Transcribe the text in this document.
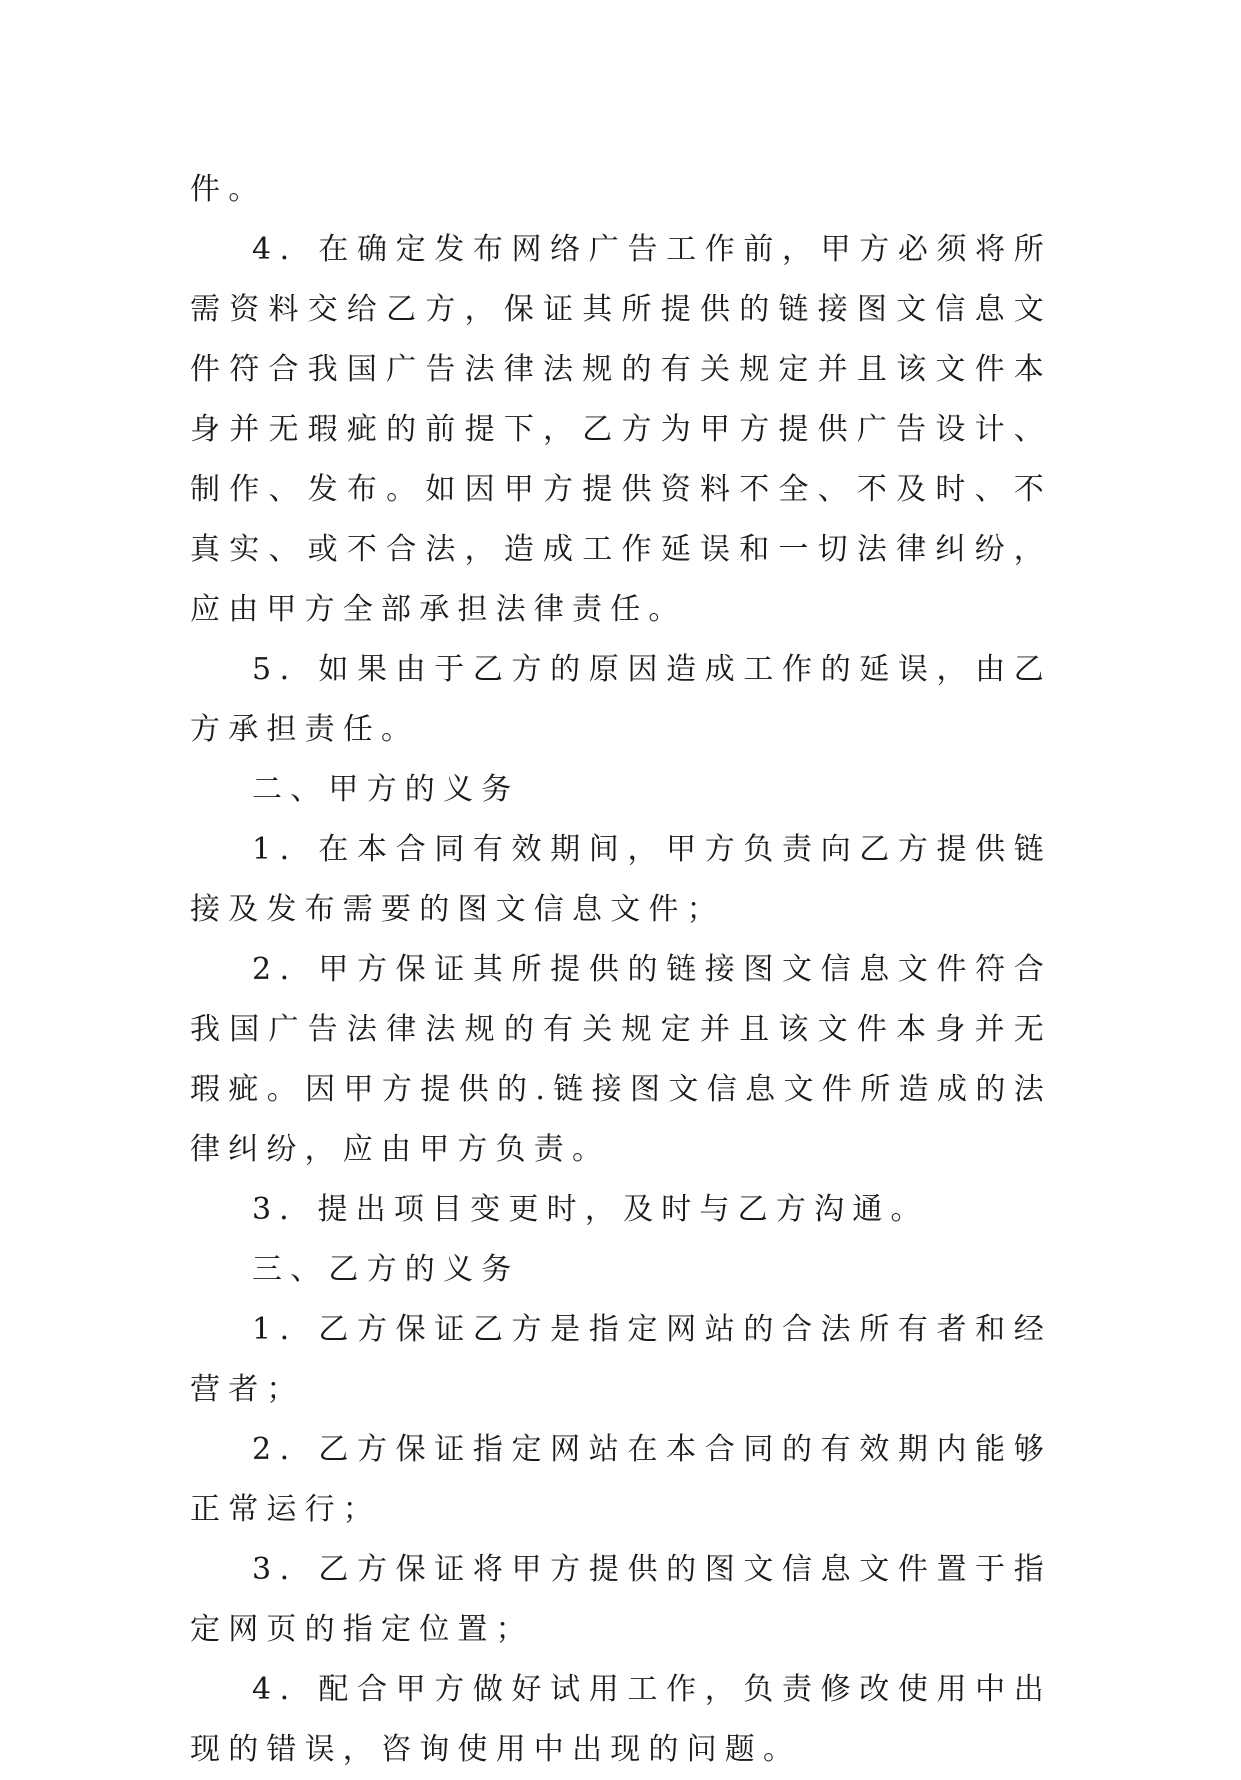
件。

4．在确定发布网络广告工作前，甲方必须将所需资料交给乙方，保证其所提供的链接图文信息文件符合我国广告法律法规的有关规定并且该文件本身并无瑕疵的前提下，乙方为甲方提供广告设计、制作、发布。如因甲方提供资料不全、不及时、不真实、或不合法，造成工作延误和一切法律纠纷，应由甲方全部承担法律责任。

5．如果由于乙方的原因造成工作的延误，由乙方承担责任。

二、甲方的义务

1．在本合同有效期间，甲方负责向乙方提供链接及发布需要的图文信息文件；

2．甲方保证其所提供的链接图文信息文件符合我国广告法律法规的有关规定并且该文件本身并无瑕疵。因甲方提供的.链接图文信息文件所造成的法律纠纷，应由甲方负责。

3．提出项目变更时，及时与乙方沟通。

三、乙方的义务

1．乙方保证乙方是指定网站的合法所有者和经营者；

2．乙方保证指定网站在本合同的有效期内能够正常运行；

3．乙方保证将甲方提供的图文信息文件置于指定网页的指定位置；

4．配合甲方做好试用工作，负责修改使用中出现的错误，咨询使用中出现的问题。
